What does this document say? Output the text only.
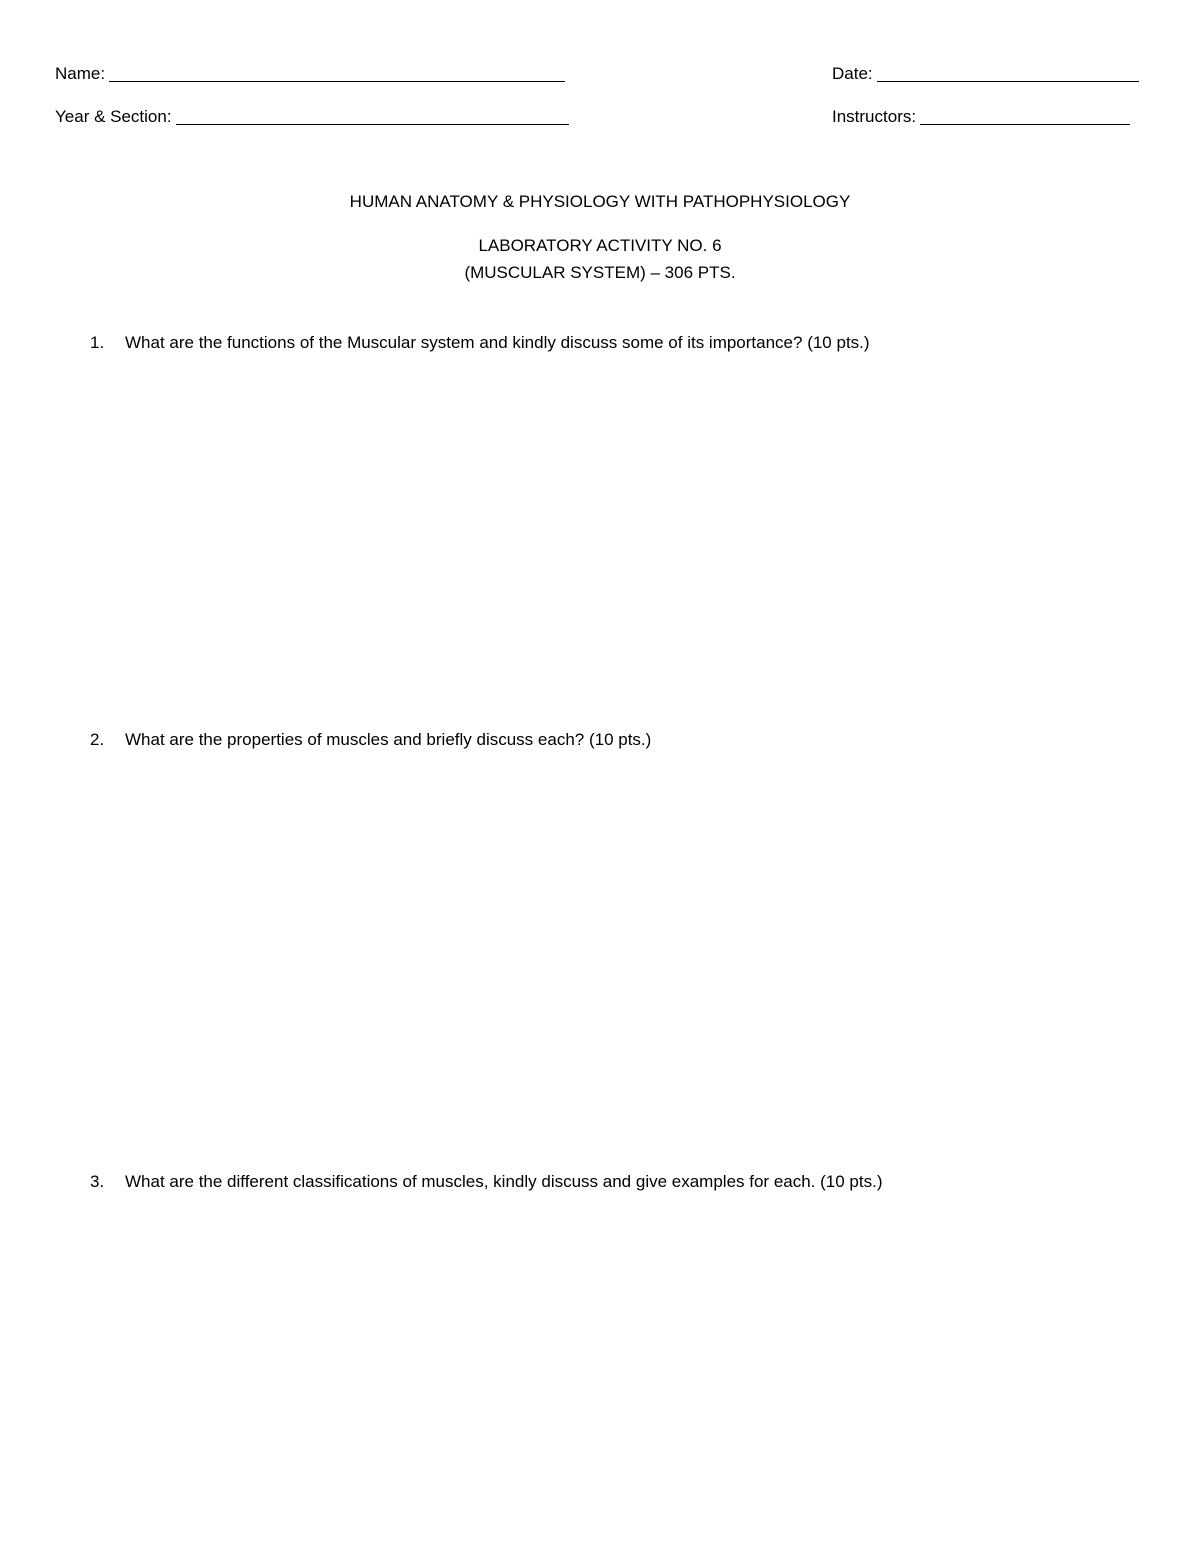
Name:	Date:
Year & Section:	Instructors:
HUMAN ANATOMY & PHYSIOLOGY WITH PATHOPHYSIOLOGY
LABORATORY ACTIVITY NO. 6
(MUSCULAR SYSTEM) – 306 PTS.
1.	What are the functions of the Muscular system and kindly discuss some of its importance? (10 pts.)
2.	What are the properties of muscles and briefly discuss each? (10 pts.)
3.	What are the different classifications of muscles, kindly discuss and give examples for each. (10 pts.)
